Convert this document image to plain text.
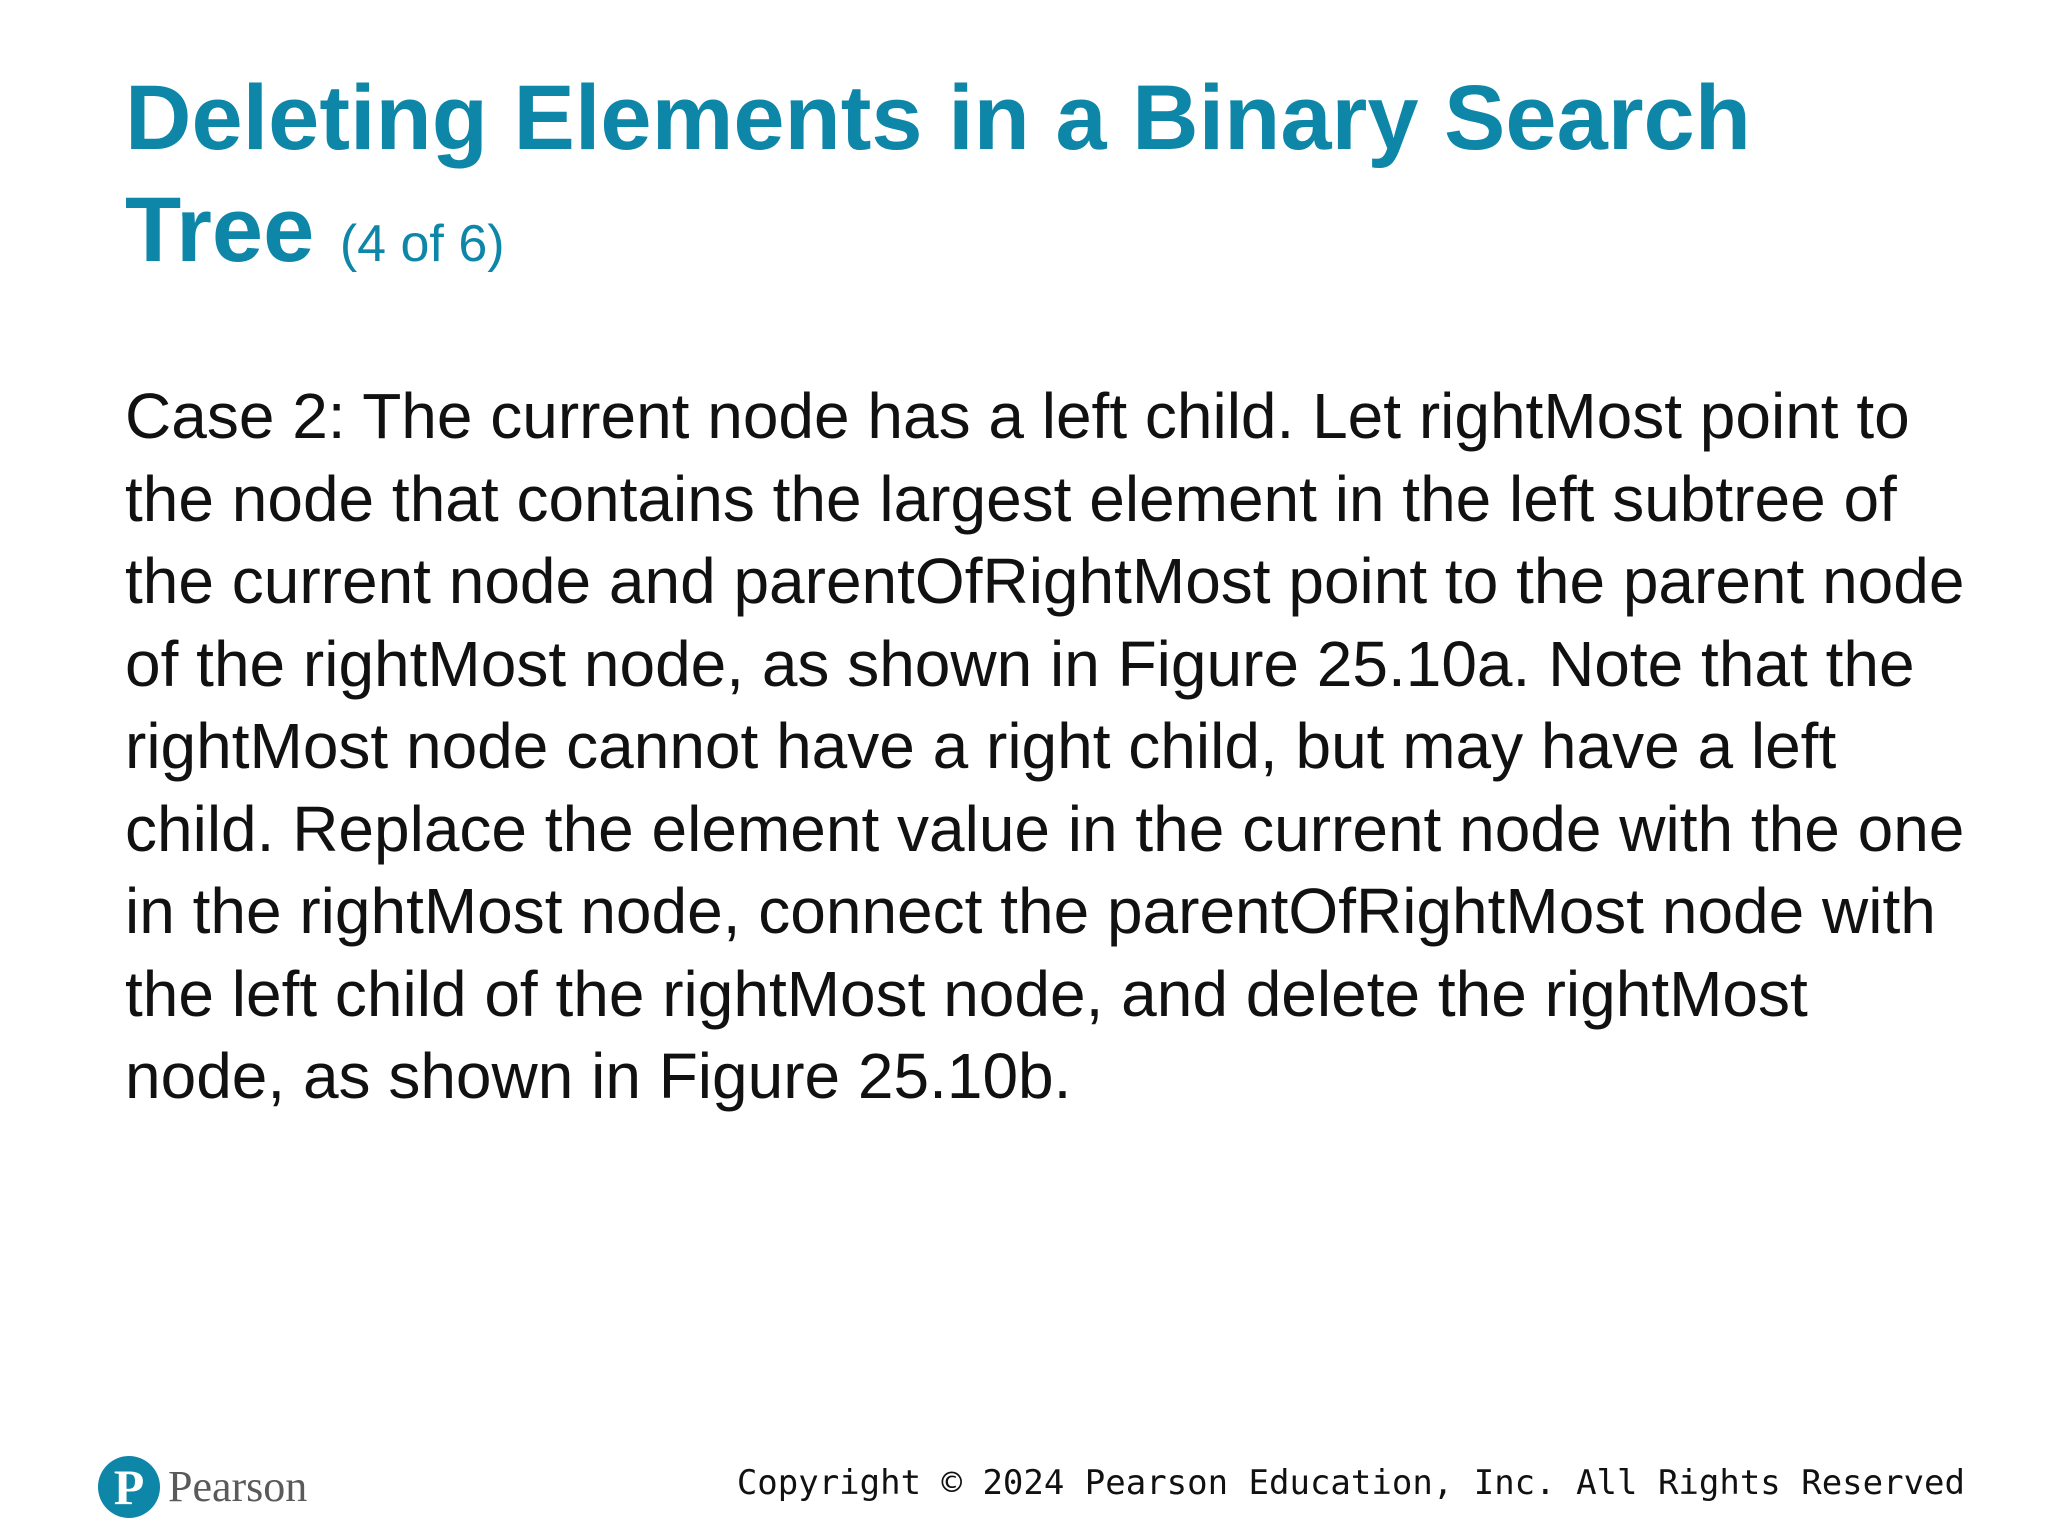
Deleting Elements in a Binary Search Tree (4 of 6)

Case 2: The current node has a left child. Let rightMost point to the node that contains the largest element in the left subtree of the current node and parentOfRightMost point to the parent node of the rightMost node, as shown in Figure 25.10a. Note that the rightMost node cannot have a right child, but may have a left child. Replace the element value in the current node with the one in the rightMost node, connect the parentOfRightMost node with the left child of the rightMost node, and delete the rightMost node, as shown in Figure 25.10b.

P Pearson	Copyright © 2024 Pearson Education, Inc. All Rights Reserved
